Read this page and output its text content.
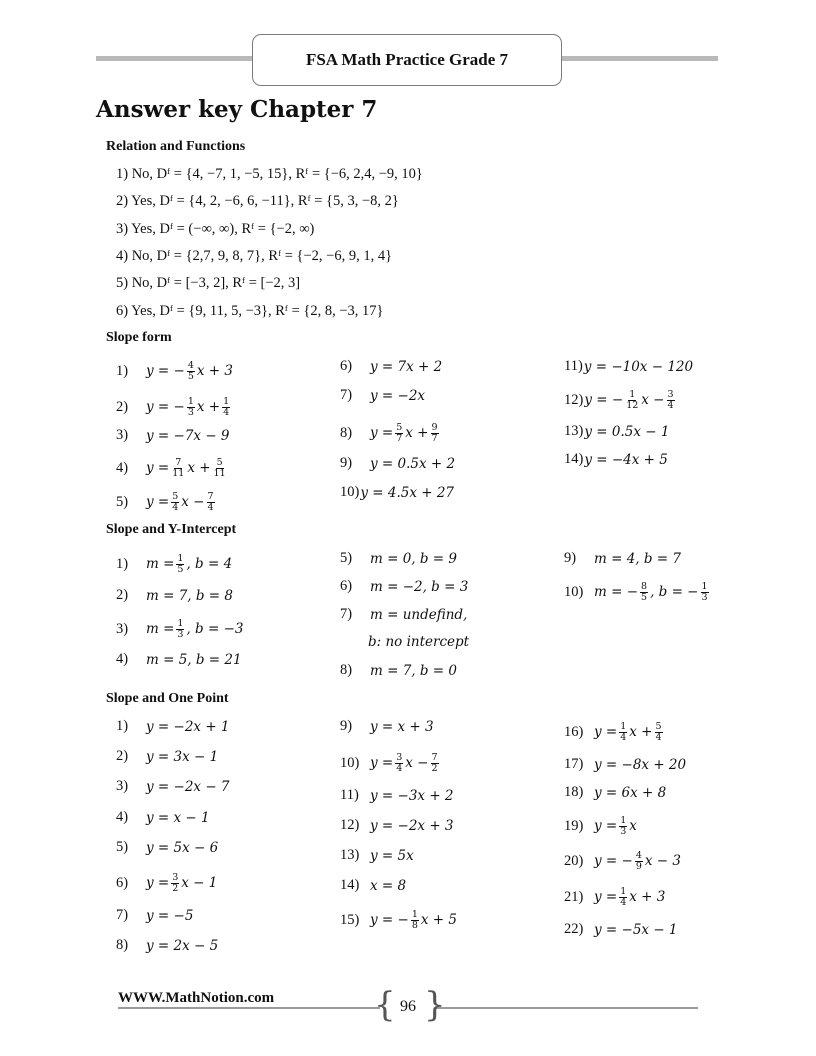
FSA Math Practice Grade 7
Answer key Chapter 7
Relation and Functions
1) No, Dᶠ = {4, −7, 1, −5, 15}, Rᶠ = {−6, 2,4, −9, 10}
2) Yes, Dᶠ = {4, 2, −6, 6, −11}, Rᶠ = {5, 3, −8, 2}
3) Yes, Dᶠ = (−∞, ∞), Rᶠ = {−2, ∞)
4) No, Dᶠ = {2,7, 9, 8, 7}, Rᶠ = {−2, −6, 9, 1, 4}
5) No, Dᶠ = [−3, 2], Rᶠ = [−2, 3]
6) Yes, Dᶠ = {9, 11, 5, −3}, Rᶠ = {2, 8, −3, 17}
Slope form
Slope and Y-Intercept
Slope and One Point
1)	y = − $\frac{4}{5}$ x + 3
2)	y = − $\frac{1}{3}$ $x + \frac{1}{4}$
3)	y = −7x − 9
4)	$y = \frac{7}{11}$ $x + \frac{5}{11}$
5)	$y = \frac{5}{4}$ $x - \frac{7}{4}$
6)	y = 7x + 2
7)	y = −2x
8)	$y = \frac{5}{7}$ $x + \frac{9}{7}$
9)	y = 0.5x + 2
10) y = 4.5x + 27
11) y = −10x − 120
12) y = − $\frac{1}{12}$ $x - \frac{3}{4}$
13) y = 0.5x − 1
14) y = −4x + 5
1)	$m = \frac{1}{5}$ , b = 4
2)	m = 7, b = 8
3)	$m = \frac{1}{3}$ , b = −3
4)	m = 5, b = 21
5)	m = 0, b = 9
6)	m = −2, b = 3
7)	m = undefind,
b: no intercept
8)	m = 7, b = 0
9)	m = 4, b = 7
10) m = − $\frac{8}{5}$ , b = − $\frac{1}{3}$
1)	y = −2x + 1
2)	y = 3x − 1
3)	y = −2x − 7
4)	y = x − 1
5)	y = 5x − 6
6)	$y = \frac{3}{2}$ x − 1
7)	y = −5
8)	y = 2x − 5
9)	y = x + 3
10) $y = \frac{3}{4}$ $x - \frac{7}{2}$
11) y = −3x + 2
12) y = −2x + 3
13) y = 5x
14) x = 8
15) y = − $\frac{1}{8}$ x + 5
16) $y = \frac{1}{4}$ $x + \frac{5}{4}$
17) y = −8x + 20
18) y = 6x + 8
19) $y = \frac{1}{3}$ x
20) y = − $\frac{4}{9}$ x − 3
21) $y = \frac{1}{4}$ x + 3
22) y = −5x − 1
WWW.MathNotion.com	{ }
96
